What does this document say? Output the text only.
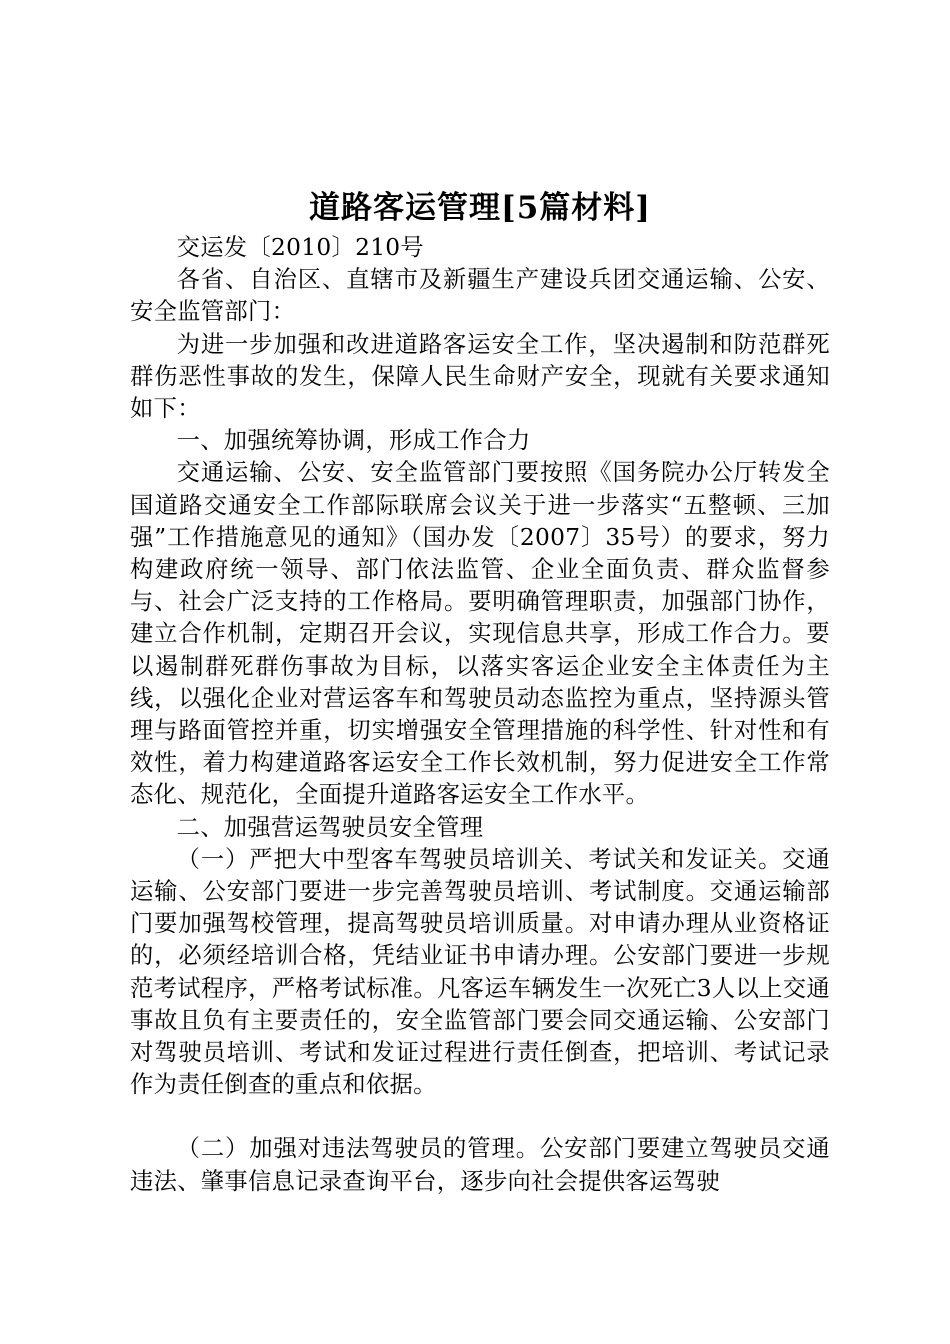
道路客运管理[5篇材料]

交运发〔2010〕210号

各省、自治区、直辖市及新疆生产建设兵团交通运输、公安、安全监管部门：

为进一步加强和改进道路客运安全工作，坚决遏制和防范群死群伤恶性事故的发生，保障人民生命财产安全，现就有关要求通知如下：

一、加强统筹协调，形成工作合力

交通运输、公安、安全监管部门要按照《国务院办公厅转发全国道路交通安全工作部际联席会议关于进一步落实“五整顿、三加强”工作措施意见的通知》（国办发〔2007〕35号）的要求，努力构建政府统一领导、部门依法监管、企业全面负责、群众监督参与、社会广泛支持的工作格局。要明确管理职责，加强部门协作，建立合作机制，定期召开会议，实现信息共享，形成工作合力。要以遏制群死群伤事故为目标，以落实客运企业安全主体责任为主线，以强化企业对营运客车和驾驶员动态监控为重点，坚持源头管理与路面管控并重，切实增强安全管理措施的科学性、针对性和有效性，着力构建道路客运安全工作长效机制，努力促进安全工作常态化、规范化，全面提升道路客运安全工作水平。

二、加强营运驾驶员安全管理

（一）严把大中型客车驾驶员培训关、考试关和发证关。交通运输、公安部门要进一步完善驾驶员培训、考试制度。交通运输部门要加强驾校管理，提高驾驶员培训质量。对申请办理从业资格证的，必须经培训合格，凭结业证书申请办理。公安部门要进一步规范考试程序，严格考试标准。凡客运车辆发生一次死亡3人以上交通事故且负有主要责任的，安全监管部门要会同交通运输、公安部门对驾驶员培训、考试和发证过程进行责任倒查，把培训、考试记录作为责任倒查的重点和依据。

（二）加强对违法驾驶员的管理。公安部门要建立驾驶员交通违法、肇事信息记录查询平台，逐步向社会提供客运驾驶
